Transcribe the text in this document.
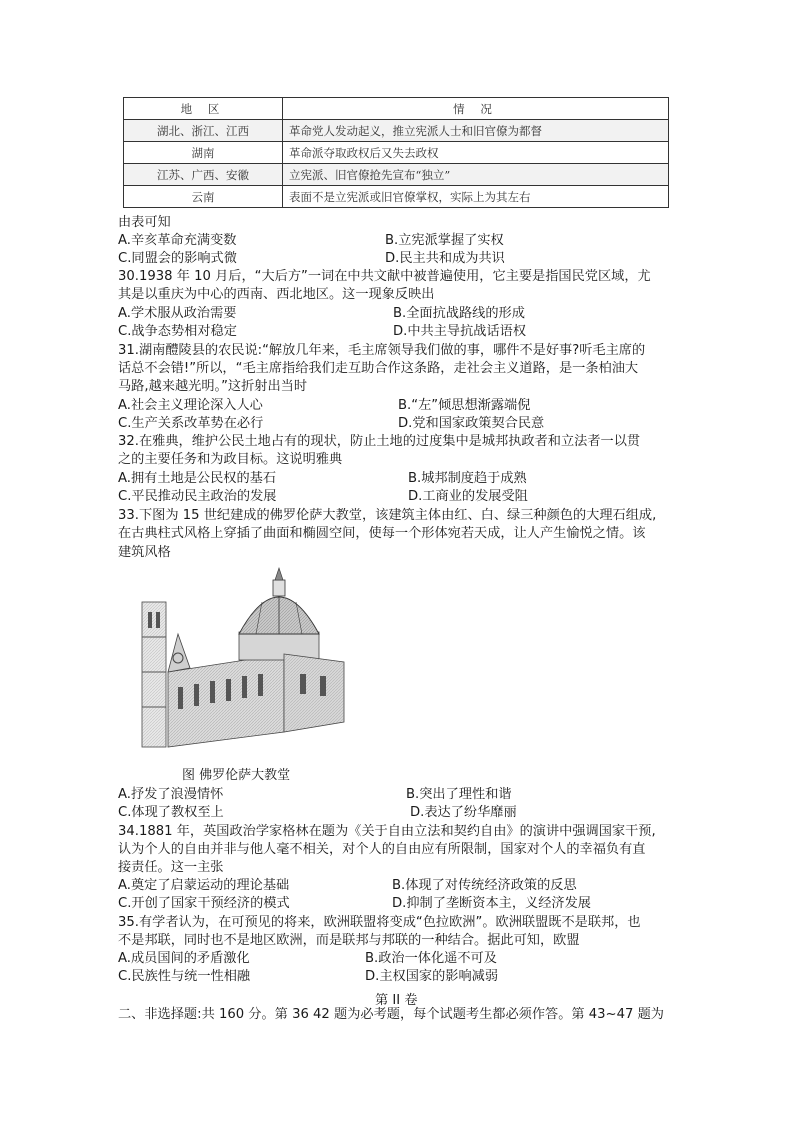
地 区	情 况
湖北、浙江、江西	革命党人发动起义，推立宪派人士和旧官僚为都督
湖南	革命派夺取政权后又失去政权
江苏、广西、安徽	立宪派、旧官僚抢先宣布“独立”
云南	表面不是立宪派或旧官僚掌权，实际上为其左右
由表可知
A.辛亥革命充满变数	B.立宪派掌握了实权
C.同盟会的影响式微	D.民主共和成为共识
30.1938 年 10 月后，“大后方”一词在中共文献中被普遍使用，它主要是指国民党区域，尤
其是以重庆为中心的西南、西北地区。这一现象反映出
A.学术服从政治需要	B.全面抗战路线的形成
C.战争态势相对稳定	D.中共主导抗战话语权
31.湖南醴陵县的农民说:“解放几年来，毛主席领导我们做的事，哪件不是好事?听毛主席的
话总不会错!”所以，“毛主席指给我们走互助合作这条路，走社会主义道路，是一条柏油大
马路,越来越光明。”这折射出当时
A.社会主义理论深入人心	B.“左”倾思想渐露端倪
C.生产关系改革势在必行	D.党和国家政策契合民意
32.在雅典，维护公民土地占有的现状，防止土地的过度集中是城邦执政者和立法者一以贯
之的主要任务和为政目标。这说明雅典
A.拥有土地是公民权的基石	B.城邦制度趋于成熟
C.平民推动民主政治的发展	D.工商业的发展受阻
33.下图为 15 世纪建成的佛罗伦萨大教堂，该建筑主体由红、白、绿三种颜色的大理石组成,
在古典柱式风格上穿插了曲面和椭圆空间，使每一个形体宛若天成，让人产生愉悦之情。该
建筑风格
图 佛罗伦萨大教堂
A.抒发了浪漫情怀	B.突出了理性和谐
C.体现了教权至上	D.表达了纷华靡丽
34.1881 年，英国政治学家格林在题为《关于自由立法和契约自由》的演讲中强调国家干预,
认为个人的自由并非与他人毫不相关，对个人的自由应有所限制，国家对个人的幸福负有直
接责任。这一主张
A.奠定了启蒙运动的理论基础	B.体现了对传统经济政策的反思
C.开创了国家干预经济的模式	D.抑制了垄断资本主，义经济发展
35.有学者认为，在可预见的将来，欧洲联盟将变成“色拉欧洲”。欧洲联盟既不是联邦，也
不是邦联，同时也不是地区欧洲，而是联邦与邦联的一种结合。据此可知，欧盟
A.成员国间的矛盾激化	B.政治一体化遥不可及
C.民族性与统一性相融	D.主权国家的影响减弱
第 II 卷
二、非选择题:共 160 分。第 36 42 题为必考题，每个试题考生都必须作答。第 43~47 题为
